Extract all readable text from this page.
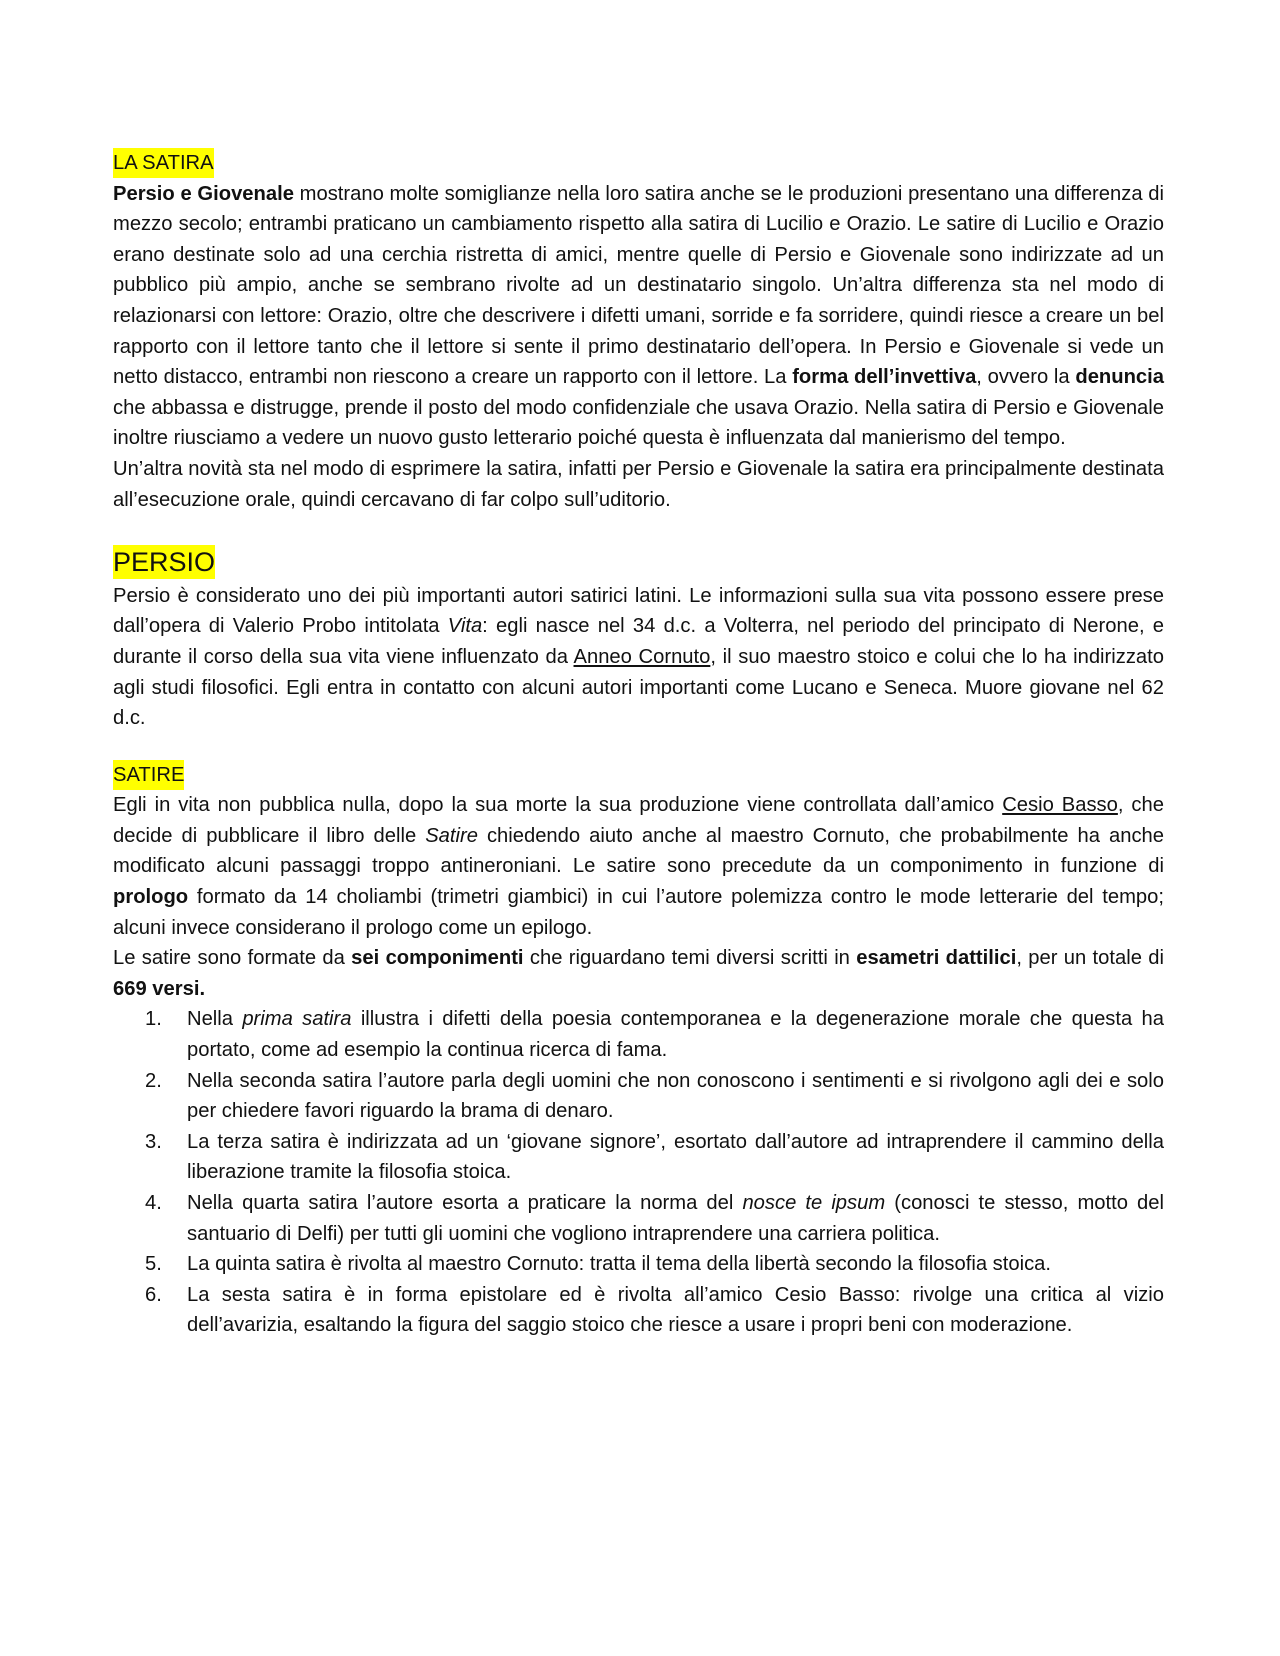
LA SATIRA

Persio e Giovenale mostrano molte somiglianze nella loro satira anche se le produzioni presentano una differenza di mezzo secolo; entrambi praticano un cambiamento rispetto alla satira di Lucilio e Orazio. Le satire di Lucilio e Orazio erano destinate solo ad una cerchia ristretta di amici, mentre quelle di Persio e Giovenale sono indirizzate ad un pubblico più ampio, anche se sembrano rivolte ad un destinatario singolo. Un’altra differenza sta nel modo di relazionarsi con lettore: Orazio, oltre che descrivere i difetti umani, sorride e fa sorridere, quindi riesce a creare un bel rapporto con il lettore tanto che il lettore si sente il primo destinatario dell’opera. In Persio e Giovenale si vede un netto distacco, entrambi non riescono a creare un rapporto con il lettore. La forma dell’invettiva, ovvero la denuncia che abbassa e distrugge, prende il posto del modo confidenziale che usava Orazio. Nella satira di Persio e Giovenale inoltre riusciamo a vedere un nuovo gusto letterario poiché questa è influenzata dal manierismo del tempo.

Un’altra novità sta nel modo di esprimere la satira, infatti per Persio e Giovenale la satira era principalmente destinata all’esecuzione orale, quindi cercavano di far colpo sull’uditorio.

PERSIO

Persio è considerato uno dei più importanti autori satirici latini. Le informazioni sulla sua vita possono essere prese dall’opera di Valerio Probo intitolata Vita: egli nasce nel 34 d.c. a Volterra, nel periodo del principato di Nerone, e durante il corso della sua vita viene influenzato da Anneo Cornuto, il suo maestro stoico e colui che lo ha indirizzato agli studi filosofici. Egli entra in contatto con alcuni autori importanti come Lucano e Seneca. Muore giovane nel 62 d.c.

SATIRE

Egli in vita non pubblica nulla, dopo la sua morte la sua produzione viene controllata dall’amico Cesio Basso, che decide di pubblicare il libro delle Satire chiedendo aiuto anche al maestro Cornuto, che probabilmente ha anche modificato alcuni passaggi troppo antineroniani. Le satire sono precedute da un componimento in funzione di prologo formato da 14 choliambi (trimetri giambici) in cui l’autore polemizza contro le mode letterarie del tempo; alcuni invece considerano il prologo come un epilogo.

Le satire sono formate da sei componimenti che riguardano temi diversi scritti in esametri dattilici, per un totale di 669 versi.

1. Nella prima satira illustra i difetti della poesia contemporanea e la degenerazione morale che questa ha portato, come ad esempio la continua ricerca di fama.
2. Nella seconda satira l’autore parla degli uomini che non conoscono i sentimenti e si rivolgono agli dei e solo per chiedere favori riguardo la brama di denaro.
3. La terza satira è indirizzata ad un ‘giovane signore’, esortato dall’autore ad intraprendere il cammino della liberazione tramite la filosofia stoica.
4. Nella quarta satira l’autore esorta a praticare la norma del nosce te ipsum (conosci te stesso, motto del santuario di Delfi) per tutti gli uomini che vogliono intraprendere una carriera politica.
5. La quinta satira è rivolta al maestro Cornuto: tratta il tema della libertà secondo la filosofia stoica.
6. La sesta satira è in forma epistolare ed è rivolta all’amico Cesio Basso: rivolge una critica al vizio dell’avarizia, esaltando la figura del saggio stoico che riesce a usare i propri beni con moderazione.
